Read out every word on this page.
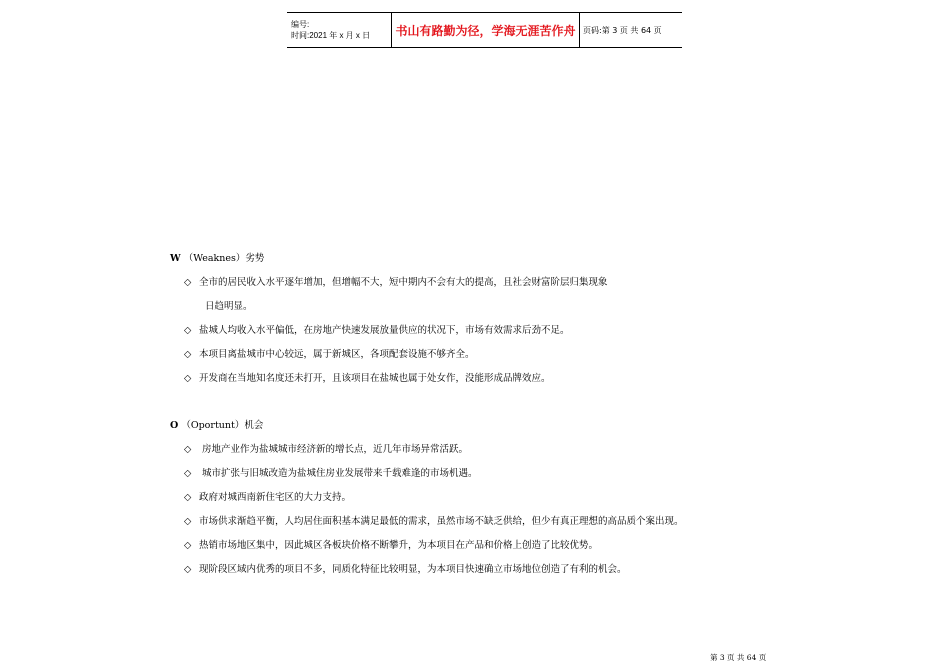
编号:
时间:2021 年 x 月 x 日	书山有路勤为径，学海无涯苦作舟 页码:第 3 页 共 64 页
W （Weaknes）劣势
◇ 全市的居民收入水平逐年增加，但增幅不大，短中期内不会有大的提高，且社会财富阶层归集现象
日趋明显。
◇ 盐城人均收入水平偏低，在房地产快速发展放量供应的状况下，市场有效需求后劲不足。
◇ 本项目离盐城市中心较远，属于新城区，各项配套设施不够齐全。
◇ 开发商在当地知名度还未打开，且该项目在盐城也属于处女作，没能形成品牌效应。
O （Oportunt）机会
◇ 房地产业作为盐城城市经济新的增长点，近几年市场异常活跃。
◇ 城市扩张与旧城改造为盐城住房业发展带来千载难逢的市场机遇。
◇ 政府对城西南新住宅区的大力支持。
◇ 市场供求渐趋平衡，人均居住面积基本满足最低的需求，虽然市场不缺乏供给，但少有真正理想的高品质个案出现。
◇ 热销市场地区集中，因此城区各板块价格不断攀升，为本项目在产品和价格上创造了比较优势。
◇ 现阶段区域内优秀的项目不多，同质化特征比较明显，为本项目快速确立市场地位创造了有利的机会。
第 3 页 共 64 页
